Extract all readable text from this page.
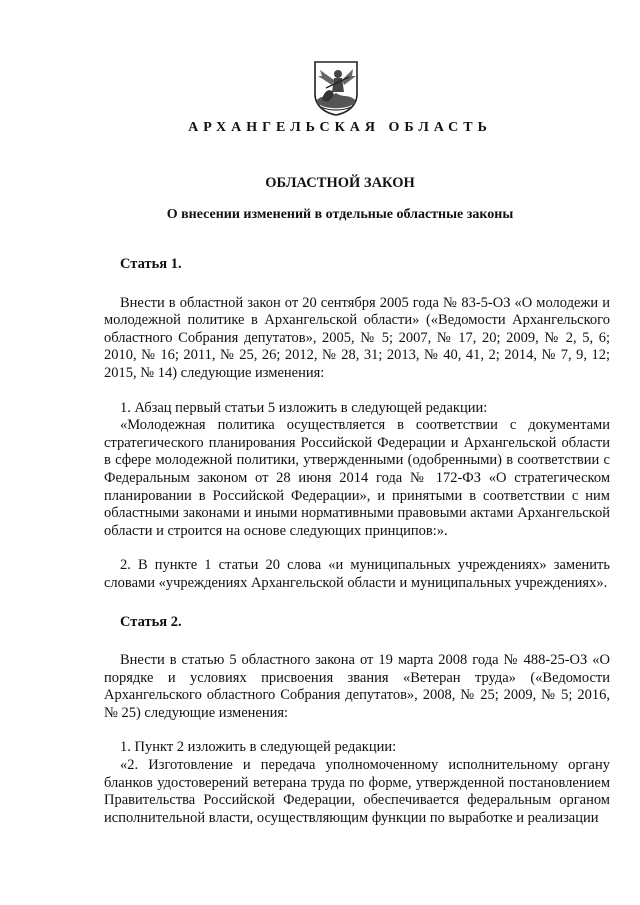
АРХАНГЕЛЬСКАЯ ОБЛАСТЬ

ОБЛАСТНОЙ ЗАКОН

О внесении изменений в отдельные областные законы

Статья 1.

Внести в областной закон от 20 сентября 2005 года № 83-5-ОЗ «О молодежи и молодежной политике в Архангельской области» («Ведомости Архангельского областного Собрания депутатов», 2005, № 5; 2007, № 17, 20; 2009, № 2, 5, 6; 2010, № 16; 2011, № 25, 26; 2012, № 28, 31; 2013, № 40, 41, 2; 2014, № 7, 9, 12; 2015, № 14) следующие изменения:

1. Абзац первый статьи 5 изложить в следующей редакции:

«Молодежная политика осуществляется в соответствии с документами стратегического планирования Российской Федерации и Архангельской области в сфере молодежной политики, утвержденными (одобренными) в соответствии с Федеральным законом от 28 июня 2014 года № 172-ФЗ «О стратегическом планировании в Российской Федерации», и принятыми в соответствии с ним областными законами и иными нормативными правовыми актами Архангельской области и строится на основе следующих принципов:».

2. В пункте 1 статьи 20 слова «и муниципальных учреждениях» заменить словами «учреждениях Архангельской области и муниципальных учреждениях».

Статья 2.

Внести в статью 5 областного закона от 19 марта 2008 года № 488-25-ОЗ «О порядке и условиях присвоения звания «Ветеран труда» («Ведомости Архангельского областного Собрания депутатов», 2008, № 25; 2009, № 5; 2016, № 25) следующие изменения:

1. Пункт 2 изложить в следующей редакции:

«2. Изготовление и передача уполномоченному исполнительному органу бланков удостоверений ветерана труда по форме, утвержденной постановлением Правительства Российской Федерации, обеспечивается федеральным органом исполнительной власти, осуществляющим функции по выработке и реализации
